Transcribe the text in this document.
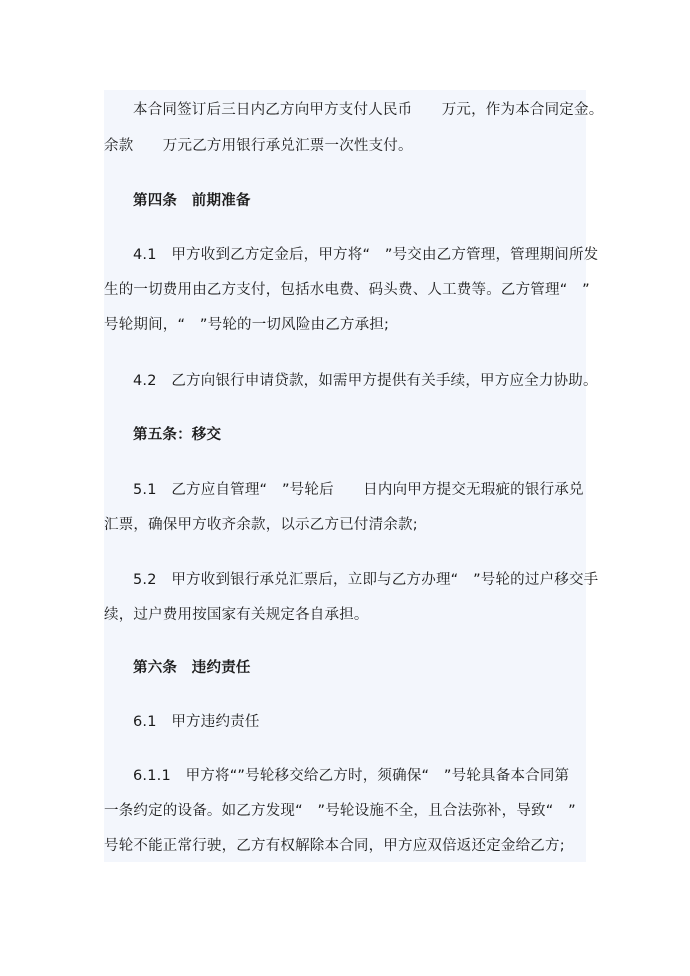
本合同签订后三日内乙方向甲方支付人民币　　万元，作为本合同定金。
余款　　万元乙方用银行承兑汇票一次性支付。
第四条　前期准备
4.1　甲方收到乙方定金后，甲方将“　”号交由乙方管理，管理期间所发
生的一切费用由乙方支付，包括水电费、码头费、人工费等。乙方管理“　”
号轮期间，“　”号轮的一切风险由乙方承担;
4.2　乙方向银行申请贷款，如需甲方提供有关手续，甲方应全力协助。
第五条：移交
5.1　乙方应自管理“　”号轮后　　日内向甲方提交无瑕疵的银行承兑
汇票，确保甲方收齐余款，以示乙方已付清余款;
5.2　甲方收到银行承兑汇票后，立即与乙方办理“　”号轮的过户移交手
续，过户费用按国家有关规定各自承担。
第六条　违约责任
6.1　甲方违约责任
6.1.1　甲方将“”号轮移交给乙方时，须确保“　”号轮具备本合同第
一条约定的设备。如乙方发现“　”号轮设施不全，且合法弥补，导致“　”
号轮不能正常行驶，乙方有权解除本合同，甲方应双倍返还定金给乙方;
